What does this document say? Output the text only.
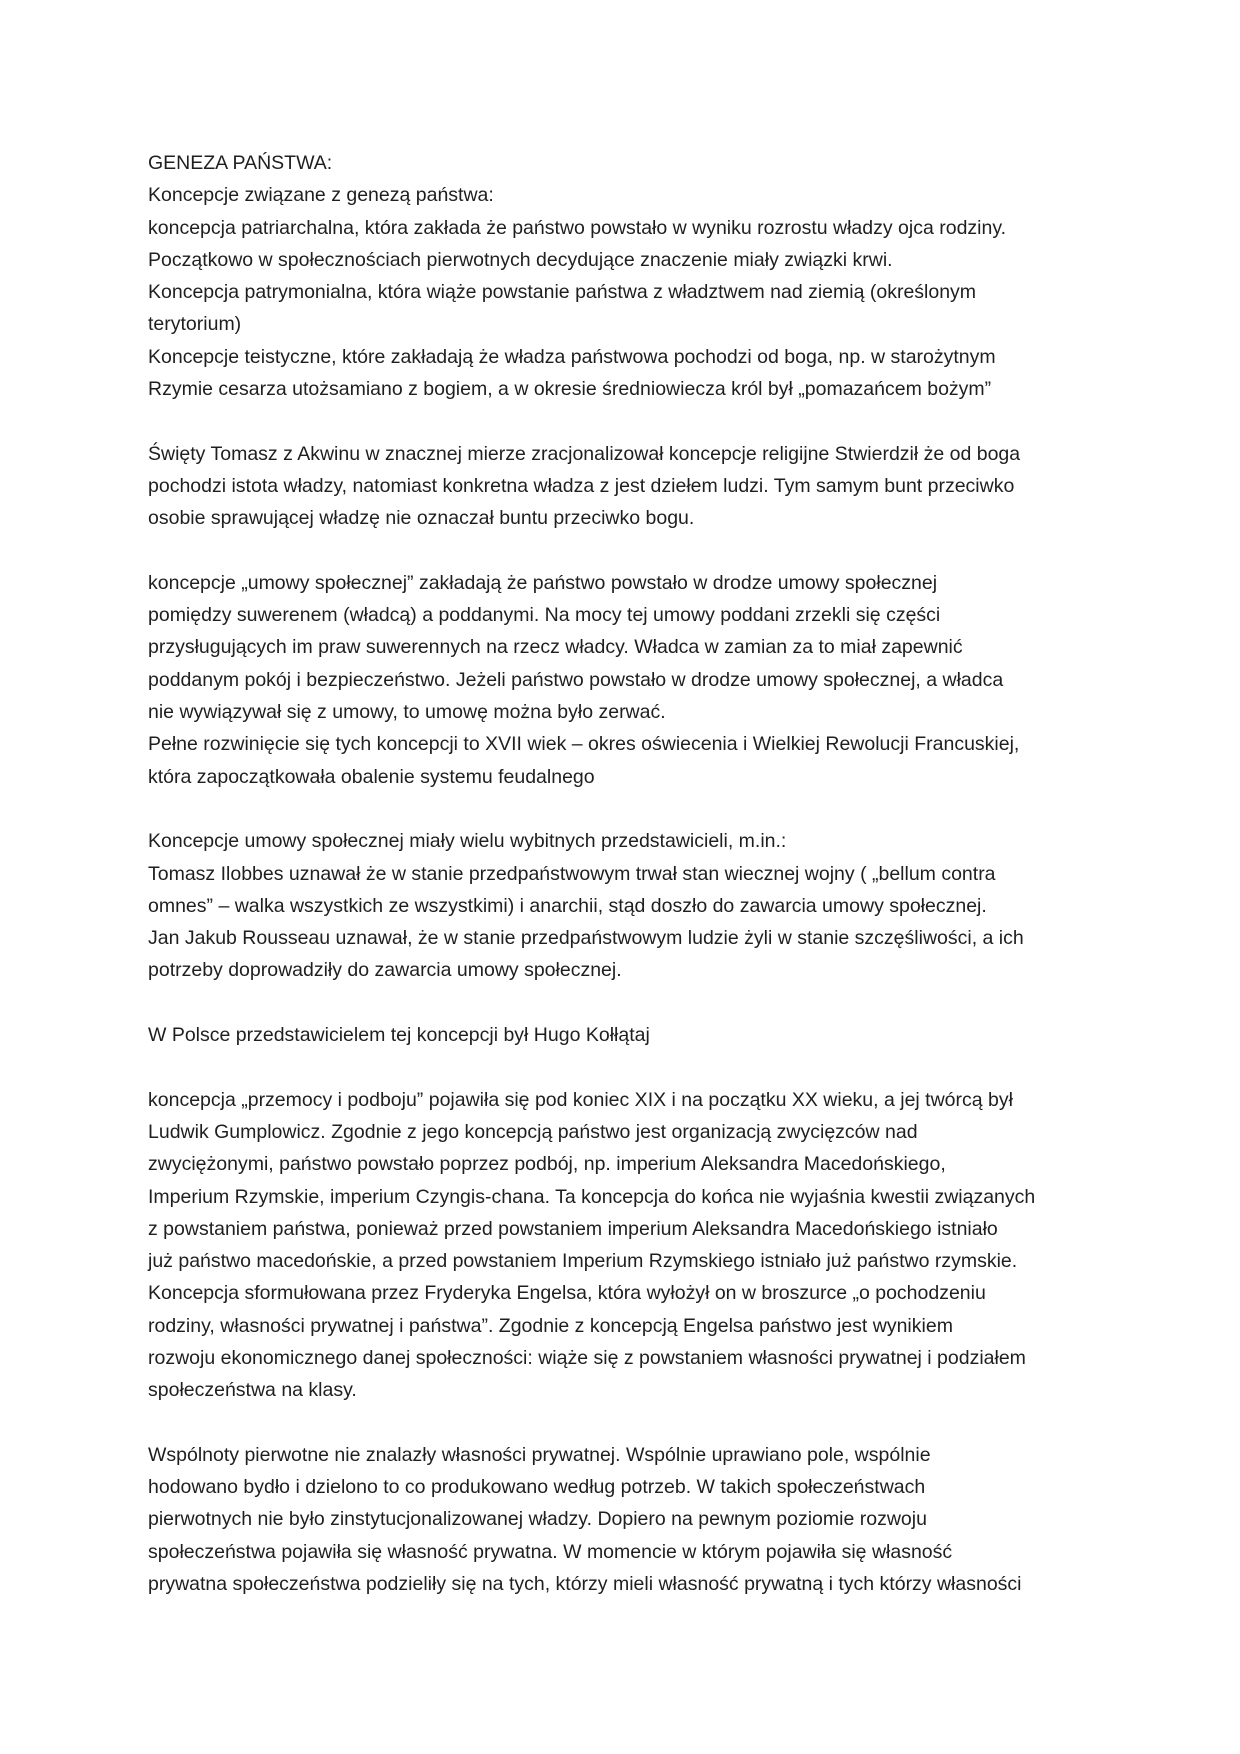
GENEZA PAŃSTWA:

Koncepcje związane z genezą państwa:

koncepcja patriarchalna, która zakłada że państwo powstało w wyniku rozrostu władzy ojca rodziny.

Początkowo w społecznościach pierwotnych decydujące znaczenie miały związki krwi.

Koncepcja patrymonialna, która wiąże powstanie państwa z władztwem nad ziemią (określonym

terytorium)

Koncepcje teistyczne, które zakładają że władza państwowa pochodzi od boga, np. w starożytnym

Rzymie cesarza utożsamiano z bogiem, a w okresie średniowiecza król był „pomazańcem bożym”

Święty Tomasz z Akwinu w znacznej mierze zracjonalizował koncepcje religijne Stwierdził że od boga

pochodzi istota władzy, natomiast konkretna władza z jest dziełem ludzi. Tym samym bunt przeciwko

osobie sprawującej władzę nie oznaczał buntu przeciwko bogu.

koncepcje „umowy społecznej” zakładają że państwo powstało w drodze umowy społecznej

pomiędzy suwerenem (władcą) a poddanymi. Na mocy tej umowy poddani zrzekli się części

przysługujących im praw suwerennych na rzecz władcy. Władca w zamian za to miał zapewnić

poddanym pokój i bezpieczeństwo. Jeżeli państwo powstało w drodze umowy społecznej, a władca

nie wywiązywał się z umowy, to umowę można było zerwać.

Pełne rozwinięcie się tych koncepcji to XVII wiek – okres oświecenia i Wielkiej Rewolucji Francuskiej,

która zapoczątkowała obalenie systemu feudalnego

Koncepcje umowy społecznej miały wielu wybitnych przedstawicieli, m.in.:

Tomasz Ilobbes uznawał że w stanie przedpaństwowym trwał stan wiecznej wojny ( „bellum contra

omnes” – walka wszystkich ze wszystkimi) i anarchii, stąd doszło do zawarcia umowy społecznej.

Jan Jakub Rousseau uznawał, że w stanie przedpaństwowym ludzie żyli w stanie szczęśliwości, a ich

potrzeby doprowadziły do zawarcia umowy społecznej.

W Polsce przedstawicielem tej koncepcji był Hugo Kołłątaj

koncepcja „przemocy i podboju” pojawiła się pod koniec XIX i na początku XX wieku, a jej twórcą był

Ludwik Gumplowicz. Zgodnie z jego koncepcją państwo jest organizacją zwycięzców nad

zwyciężonymi, państwo powstało poprzez podbój, np. imperium Aleksandra Macedońskiego,

Imperium Rzymskie, imperium Czyngis-chana. Ta koncepcja do końca nie wyjaśnia kwestii związanych

z powstaniem państwa, ponieważ przed powstaniem imperium Aleksandra Macedońskiego istniało

już państwo macedońskie, a przed powstaniem Imperium Rzymskiego istniało już państwo rzymskie.

Koncepcja sformułowana przez Fryderyka Engelsa, która wyłożył on w broszurce „o pochodzeniu

rodziny, własności prywatnej i państwa”. Zgodnie z koncepcją Engelsa państwo jest wynikiem

rozwoju ekonomicznego danej społeczności: wiąże się z powstaniem własności prywatnej i podziałem

społeczeństwa na klasy.

Wspólnoty pierwotne nie znalazły własności prywatnej. Wspólnie uprawiano pole, wspólnie

hodowano bydło i dzielono to co produkowano według potrzeb. W takich społeczeństwach

pierwotnych nie było zinstytucjonalizowanej władzy. Dopiero na pewnym poziomie rozwoju

społeczeństwa pojawiła się własność prywatna. W momencie w którym pojawiła się własność

prywatna społeczeństwa podzieliły się na tych, którzy mieli własność prywatną i tych którzy własności
